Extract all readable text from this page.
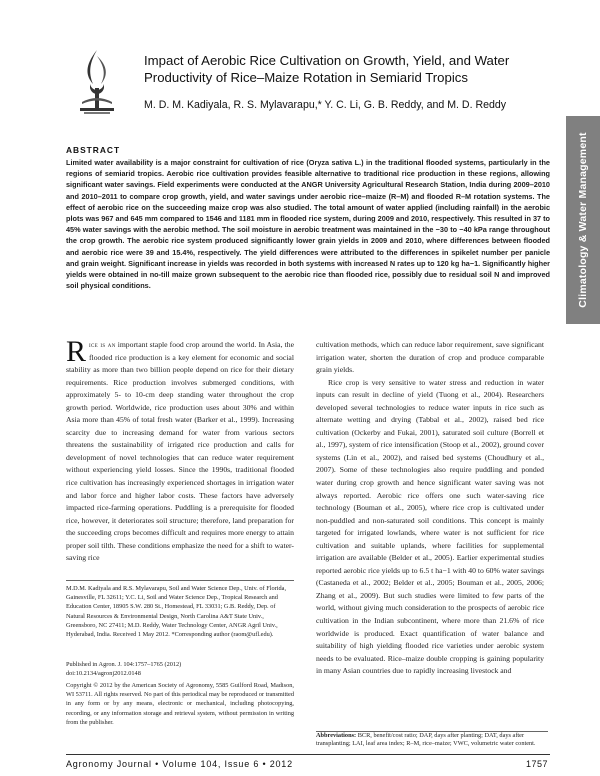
Impact of Aerobic Rice Cultivation on Growth, Yield, and Water Productivity of Rice–Maize Rotation in Semiarid Tropics
M. D. M. Kadiyala, R. S. Mylavarapu,* Y. C. Li, G. B. Reddy, and M. D. Reddy
Climatology & Water Management
ABSTRACT

Limited water availability is a major constraint for cultivation of rice (Oryza sativa L.) in the traditional flooded systems, particularly in the regions of semiarid tropics. Aerobic rice cultivation provides feasible alternative to traditional rice production in these regions, allowing significant water savings. Field experiments were conducted at the ANGR University Agricultural Research Station, India during 2009–2010 and 2010–2011 to compare crop growth, yield, and water savings under aerobic rice–maize (R–M) and flooded R–M rotation systems. The effect of aerobic rice on the succeeding maize crop was also studied. The total amount of water applied (including rainfall) in the aerobic plots was 967 and 645 mm compared to 1546 and 1181 mm in flooded rice system, during 2009 and 2010, respectively. This resulted in 37 to 45% water savings with the aerobic method. The soil moisture in aerobic treatment was maintained in the −30 to −40 kPa range throughout the crop growth. The aerobic rice system produced significantly lower grain yields in 2009 and 2010, where differences between flooded and aerobic rice were 39 and 15.4%, respectively. The yield differences were attributed to the differences in spikelet number per panicle and grain weight. Significant increase in yields was recorded in both systems with increased N rates up to 120 kg ha−1. Significantly higher yields were obtained in no-till maize grown subsequent to the aerobic rice than flooded rice, possibly due to residual soil N and improved soil physical conditions.

Rice is an important staple food crop around the world. In Asia, the flooded rice production is a key element for economic and social stability as more than two billion people depend on rice for their dietary requirements. Rice production involves submerged conditions, with approximately 5- to 10-cm deep standing water throughout the crop growth period. Worldwide, rice production uses about 30% and within Asia more than 45% of total fresh water (Barker et al., 1999). Increasing scarcity due to increasing demand for water from various sectors threatens the sustainability of irrigated rice production and calls for development of novel technologies that can reduce water requirement without experiencing yield losses. Since the 1990s, traditional flooded rice cultivation has increasingly experienced shortages in irrigation water and labor force and higher labor costs. These factors have adversely impacted rice-farming operations. Puddling is a prerequisite for flooded rice, however, it deteriorates soil structure; therefore, land preparation for the succeeding crops becomes difficult and requires more energy to attain proper soil tilth. These conditions emphasize the need for a shift to water-saving rice

cultivation methods, which can reduce labor requirement, save significant irrigation water, shorten the duration of crop and produce comparable grain yields.

Rice crop is very sensitive to water stress and reduction in water inputs can result in decline of yield (Tuong et al., 2004). Researchers developed several technologies to reduce water inputs in rice such as alternate wetting and drying (Tabbal et al., 2002), raised bed rice cultivation (Ockerby and Fukai, 2001), saturated soil culture (Borrell et al., 1997), system of rice intensification (Stoop et al., 2002), ground cover systems (Lin et al., 2002), and raised bed systems (Choudhury et al., 2007). Some of these technologies also require puddling and ponded water during crop growth and hence significant water saving was not always reported. Aerobic rice offers one such water-saving rice technology (Bouman et al., 2005), where rice crop is cultivated under non-puddled and non-saturated soil conditions. This concept is mainly targeted for irrigated lowlands, where water is not sufficient for rice cultivation and suitable uplands, where facilities for supplemental irrigation are available (Belder et al., 2005). Earlier experimental studies reported aerobic rice yields up to 6.5 t ha−1 with 40 to 60% water savings (Castaneda et al., 2002; Belder et al., 2005; Bouman et al., 2005, 2006; Zhang et al., 2009). But such studies were limited to few parts of the world, without giving much consideration to the prospects of aerobic rice cultivation in the Indian subcontinent, where more than 21.6% of rice worldwide is produced. Exact quantification of water balance and suitability of high yielding flooded rice varieties under aerobic system needs to be evaluated. Rice–maize double cropping is gaining popularity in many Asian countries due to rapidly increasing livestock and

M.D.M. Kadiyala and R.S. Mylavarapu, Soil and Water Science Dep., Univ. of Florida, Gainesville, FL 32611; Y.C. Li, Soil and Water Science Dep., Tropical Research and Education Center, 18905 S.W. 280 St., Homestead, FL 33031; G.B. Reddy, Dep. of Natural Resources & Environmental Design, North Carolina A&T State Univ., Greensboro, NC 27411; M.D. Reddy, Water Technology Center, ANGR Agril Univ., Hyderabad, India. Received 1 May 2012. *Corresponding author (raom@ufl.edu).

Published in Agron. J. 104:1757–1765 (2012)
doi:10.2134/agronj2012.0148

Copyright © 2012 by the American Society of Agronomy, 5585 Guilford Road, Madison, WI 53711. All rights reserved. No part of this periodical may be reproduced or transmitted in any form or by any means, electronic or mechanical, including photocopying, recording, or any information storage and retrieval system, without permission in writing from the publisher.

Abbreviations: BCR, benefit/cost ratio; DAP, days after planting; DAT, days after transplanting; LAI, leaf area index; R–M, rice–maize; VWC, volumetric water content.

Agronomy Journal • Volume 104, Issue 6 • 2012	1757
